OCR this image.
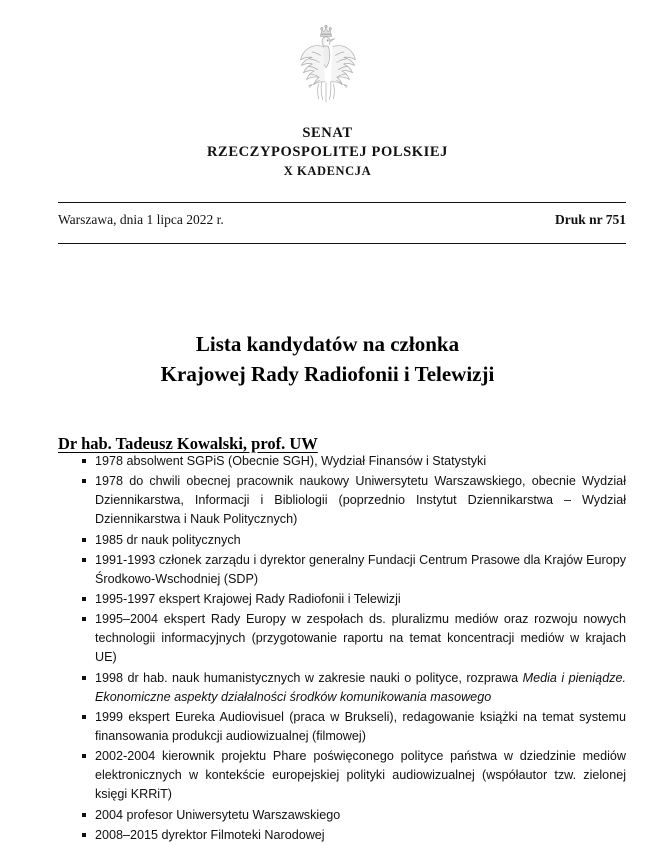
SENAT
RZECZYPOSPOLITEJ POLSKIEJ
X KADENCJA
Warszawa, dnia 1 lipca 2022 r.	Druk nr 751
Lista kandydatów na członka
Krajowej Rady Radiofonii i Telewizji
Dr hab. Tadeusz Kowalski, prof. UW
1978 absolwent SGPiS (Obecnie SGH), Wydział Finansów i Statystyki
1978 do chwili obecnej pracownik naukowy Uniwersytetu Warszawskiego, obecnie Wydział Dziennikarstwa, Informacji i Bibliologii (poprzednio Instytut Dziennikarstwa – Wydział Dziennikarstwa i Nauk Politycznych)
1985 dr nauk politycznych
1991-1993 członek zarządu i dyrektor generalny Fundacji Centrum Prasowe dla Krajów Europy Środkowo-Wschodniej (SDP)
1995-1997 ekspert Krajowej Rady Radiofonii i Telewizji
1995–2004 ekspert Rady Europy w zespołach ds. pluralizmu mediów oraz rozwoju nowych technologii informacyjnych (przygotowanie raportu na temat koncentracji mediów w krajach UE)
1998 dr hab. nauk humanistycznych w zakresie nauki o polityce, rozprawa Media i pieniądze. Ekonomiczne aspekty działalności środków komunikowania masowego
1999 ekspert Eureka Audiovisuel (praca w Brukseli), redagowanie książki na temat systemu finansowania produkcji audiowizualnej (filmowej)
2002-2004 kierownik projektu Phare poświęconego polityce państwa w dziedzinie mediów elektronicznych w kontekście europejskiej polityki audiowizualnej (współautor tzw. zielonej księgi KRRiT)
2004 profesor Uniwersytetu Warszawskiego
2008–2015 dyrektor Filmoteki Narodowej
